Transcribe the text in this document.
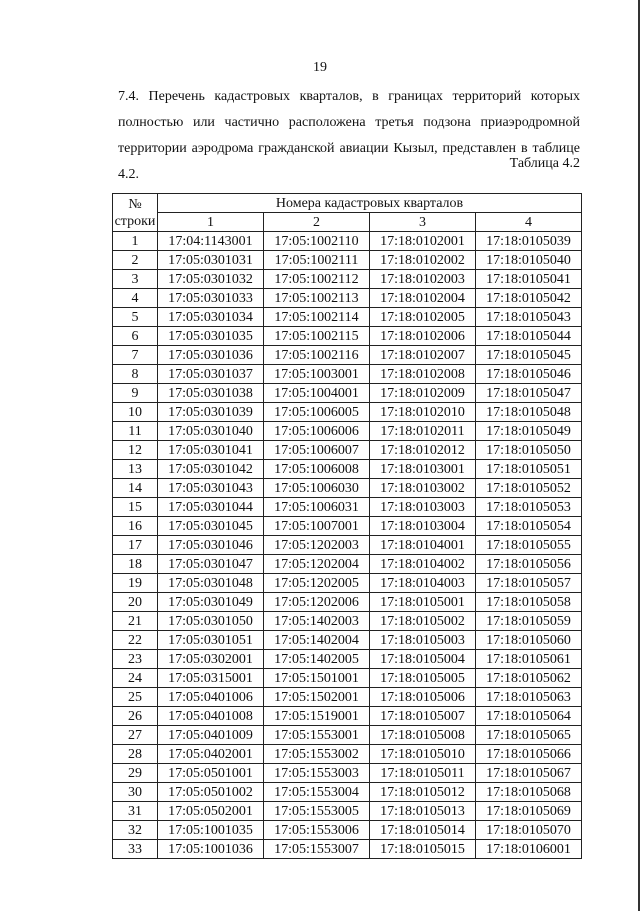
19
7.4. Перечень кадастровых кварталов, в границах территорий которых полностью или частично расположена третья подзона приаэродромной территории аэродрома гражданской авиации Кызыл, представлен в таблице 4.2.
Таблица 4.2
№ строки	Номера кадастровых кварталов			
	1	2	3	4
1	17:04:1143001	17:05:1002110	17:18:0102001	17:18:0105039
2	17:05:0301031	17:05:1002111	17:18:0102002	17:18:0105040
3	17:05:0301032	17:05:1002112	17:18:0102003	17:18:0105041
4	17:05:0301033	17:05:1002113	17:18:0102004	17:18:0105042
5	17:05:0301034	17:05:1002114	17:18:0102005	17:18:0105043
6	17:05:0301035	17:05:1002115	17:18:0102006	17:18:0105044
7	17:05:0301036	17:05:1002116	17:18:0102007	17:18:0105045
8	17:05:0301037	17:05:1003001	17:18:0102008	17:18:0105046
9	17:05:0301038	17:05:1004001	17:18:0102009	17:18:0105047
10	17:05:0301039	17:05:1006005	17:18:0102010	17:18:0105048
11	17:05:0301040	17:05:1006006	17:18:0102011	17:18:0105049
12	17:05:0301041	17:05:1006007	17:18:0102012	17:18:0105050
13	17:05:0301042	17:05:1006008	17:18:0103001	17:18:0105051
14	17:05:0301043	17:05:1006030	17:18:0103002	17:18:0105052
15	17:05:0301044	17:05:1006031	17:18:0103003	17:18:0105053
16	17:05:0301045	17:05:1007001	17:18:0103004	17:18:0105054
17	17:05:0301046	17:05:1202003	17:18:0104001	17:18:0105055
18	17:05:0301047	17:05:1202004	17:18:0104002	17:18:0105056
19	17:05:0301048	17:05:1202005	17:18:0104003	17:18:0105057
20	17:05:0301049	17:05:1202006	17:18:0105001	17:18:0105058
21	17:05:0301050	17:05:1402003	17:18:0105002	17:18:0105059
22	17:05:0301051	17:05:1402004	17:18:0105003	17:18:0105060
23	17:05:0302001	17:05:1402005	17:18:0105004	17:18:0105061
24	17:05:0315001	17:05:1501001	17:18:0105005	17:18:0105062
25	17:05:0401006	17:05:1502001	17:18:0105006	17:18:0105063
26	17:05:0401008	17:05:1519001	17:18:0105007	17:18:0105064
27	17:05:0401009	17:05:1553001	17:18:0105008	17:18:0105065
28	17:05:0402001	17:05:1553002	17:18:0105010	17:18:0105066
29	17:05:0501001	17:05:1553003	17:18:0105011	17:18:0105067
30	17:05:0501002	17:05:1553004	17:18:0105012	17:18:0105068
31	17:05:0502001	17:05:1553005	17:18:0105013	17:18:0105069
32	17:05:1001035	17:05:1553006	17:18:0105014	17:18:0105070
33	17:05:1001036	17:05:1553007	17:18:0105015	17:18:0106001
